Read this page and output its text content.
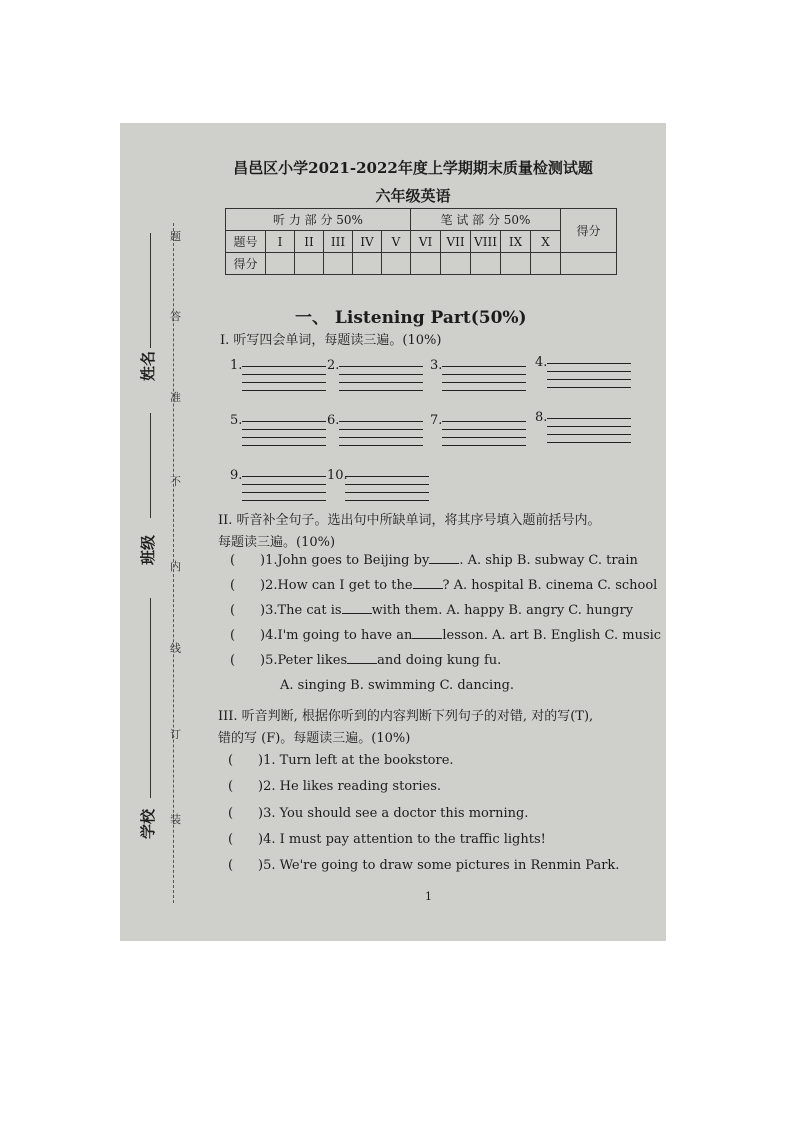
题
答
准
不
内
线
订
装
姓名
班级
学校
昌邑区小学2021-2022年度上学期期末质量检测试题
六年级英语
听 力 部 分 50%						笔 试 部 分 50%					得分
题号	I	II	III	IV	V	VI	VII	VIII	IX	X	
得分											
一、 Listening Part(50%)
Ⅰ. 听写四会单词，每题读三遍。(10%)
1.	2.	3.	4.
5.	6.	7.	8.
9.	10.
II. 听音补全句子。选出句中所缺单词，将其序号填入题前括号内。
每题读三遍。(10%)
( )1.John goes to Beijing by . A. ship B. subway C. train
( )2.How can I get to the ? A. hospital B. cinema C. school
( )3.The cat is with them. A. happy B. angry C. hungry
( )4.I'm going to have an lesson. A. art B. English C. music
( )5.Peter likes and doing kung fu.
A. singing B. swimming C. dancing.
III. 听音判断, 根据你听到的内容判断下列句子的对错, 对的写(T),
错的写 (F)。每题读三遍。(10%)
( )1. Turn left at the bookstore.
( )2. He likes reading stories.
( )3. You should see a doctor this morning.
( )4. I must pay attention to the traffic lights!
( )5. We're going to draw some pictures in Renmin Park.
1
